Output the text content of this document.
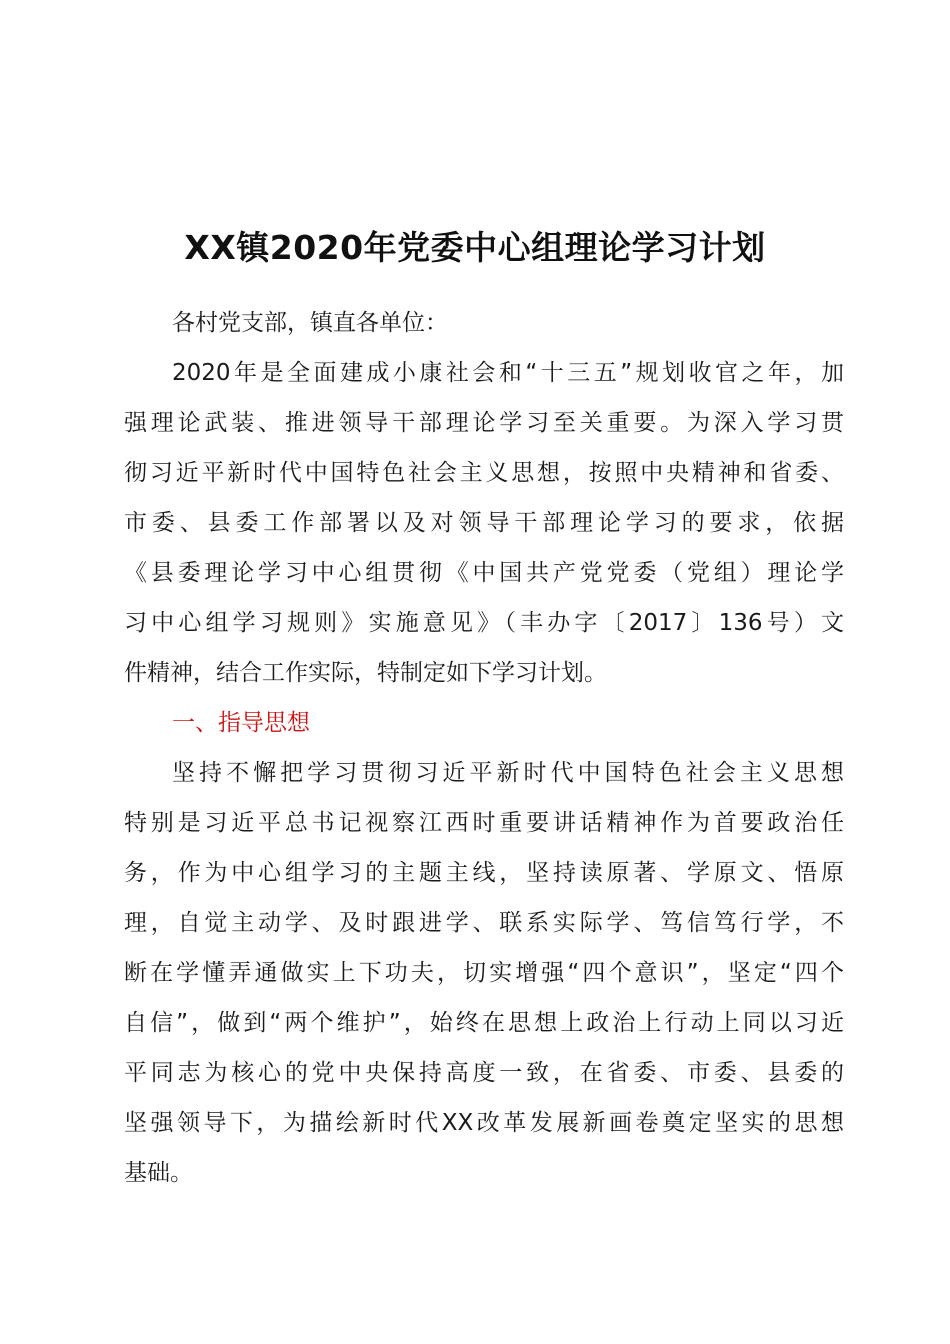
XX镇2020年党委中心组理论学习计划
各村党支部，镇直各单位：
2020年是全面建成小康社会和“十三五”规划收官之年，加
强理论武装、推进领导干部理论学习至关重要。为深入学习贯
彻习近平新时代中国特色社会主义思想，按照中央精神和省委、
市委、县委工作部署以及对领导干部理论学习的要求，依据
《县委理论学习中心组贯彻《中国共产党党委（党组）理论学
习中心组学习规则》实施意见》（丰办字〔2017〕136号）文
件精神，结合工作实际，特制定如下学习计划。
一、指导思想
坚持不懈把学习贯彻习近平新时代中国特色社会主义思想
特别是习近平总书记视察江西时重要讲话精神作为首要政治任
务，作为中心组学习的主题主线，坚持读原著、学原文、悟原
理，自觉主动学、及时跟进学、联系实际学、笃信笃行学，不
断在学懂弄通做实上下功夫，切实增强“四个意识”，坚定“四个
自信”，做到“两个维护”，始终在思想上政治上行动上同以习近
平同志为核心的党中央保持高度一致，在省委、市委、县委的
坚强领导下，为描绘新时代XX改革发展新画卷奠定坚实的思想
基础。
